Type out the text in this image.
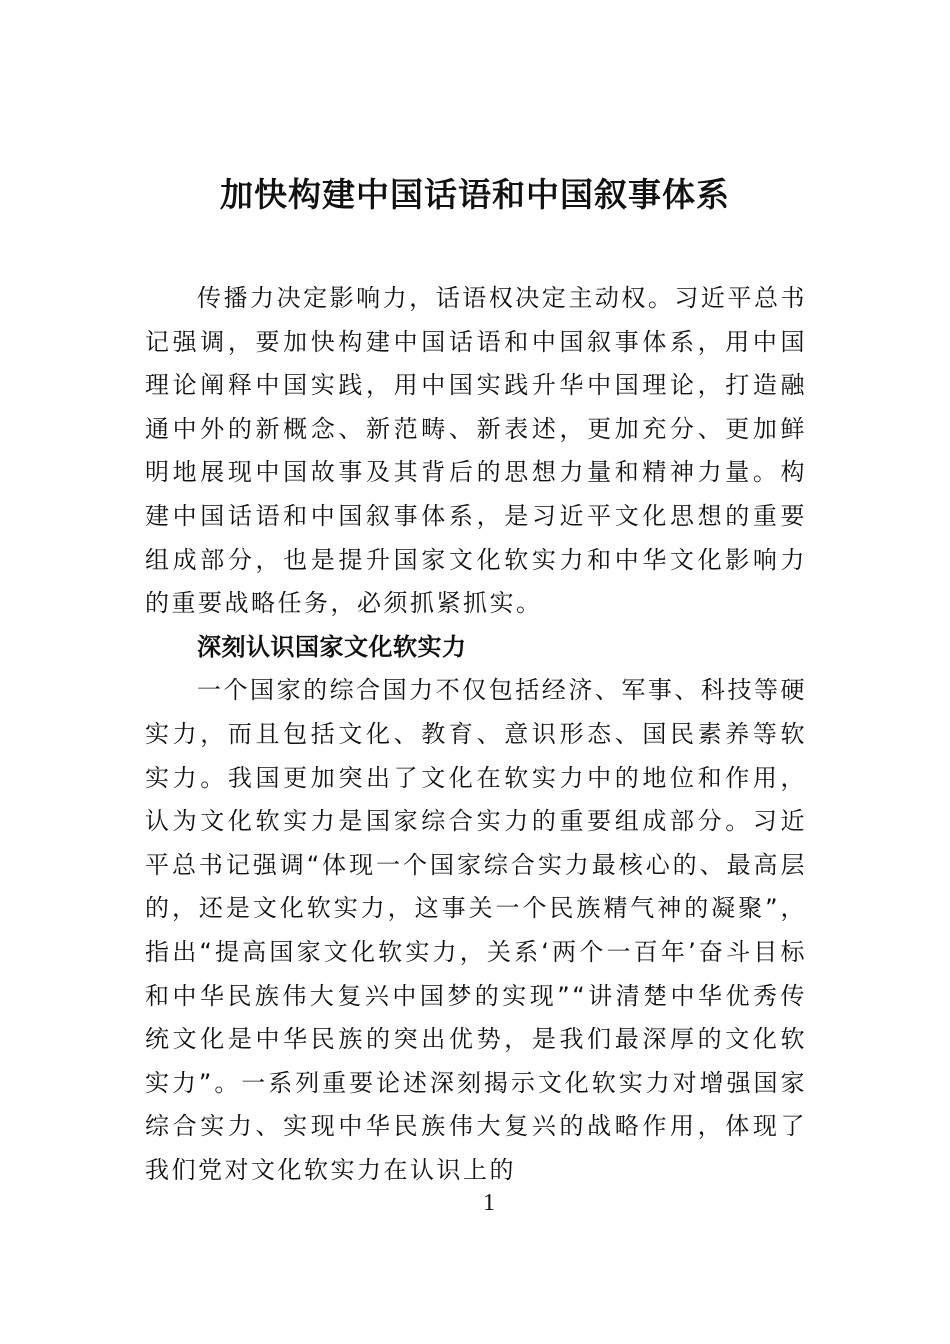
加快构建中国话语和中国叙事体系

传播力决定影响力，话语权决定主动权。习近平总书记强调，要加快构建中国话语和中国叙事体系，用中国理论阐释中国实践，用中国实践升华中国理论，打造融通中外的新概念、新范畴、新表述，更加充分、更加鲜明地展现中国故事及其背后的思想力量和精神力量。构建中国话语和中国叙事体系，是习近平文化思想的重要组成部分，也是提升国家文化软实力和中华文化影响力的重要战略任务，必须抓紧抓实。

深刻认识国家文化软实力

一个国家的综合国力不仅包括经济、军事、科技等硬实力，而且包括文化、教育、意识形态、国民素养等软实力。我国更加突出了文化在软实力中的地位和作用，认为文化软实力是国家综合实力的重要组成部分。习近平总书记强调“体现一个国家综合实力最核心的、最高层的，还是文化软实力，这事关一个民族精气神的凝聚”，指出“提高国家文化软实力，关系‘两个一百年’奋斗目标和中华民族伟大复兴中国梦的实现”“讲清楚中华优秀传统文化是中华民族的突出优势，是我们最深厚的文化软实力”。一系列重要论述深刻揭示文化软实力对增强国家综合实力、实现中华民族伟大复兴的战略作用，体现了我们党对文化软实力在认识上的

1
